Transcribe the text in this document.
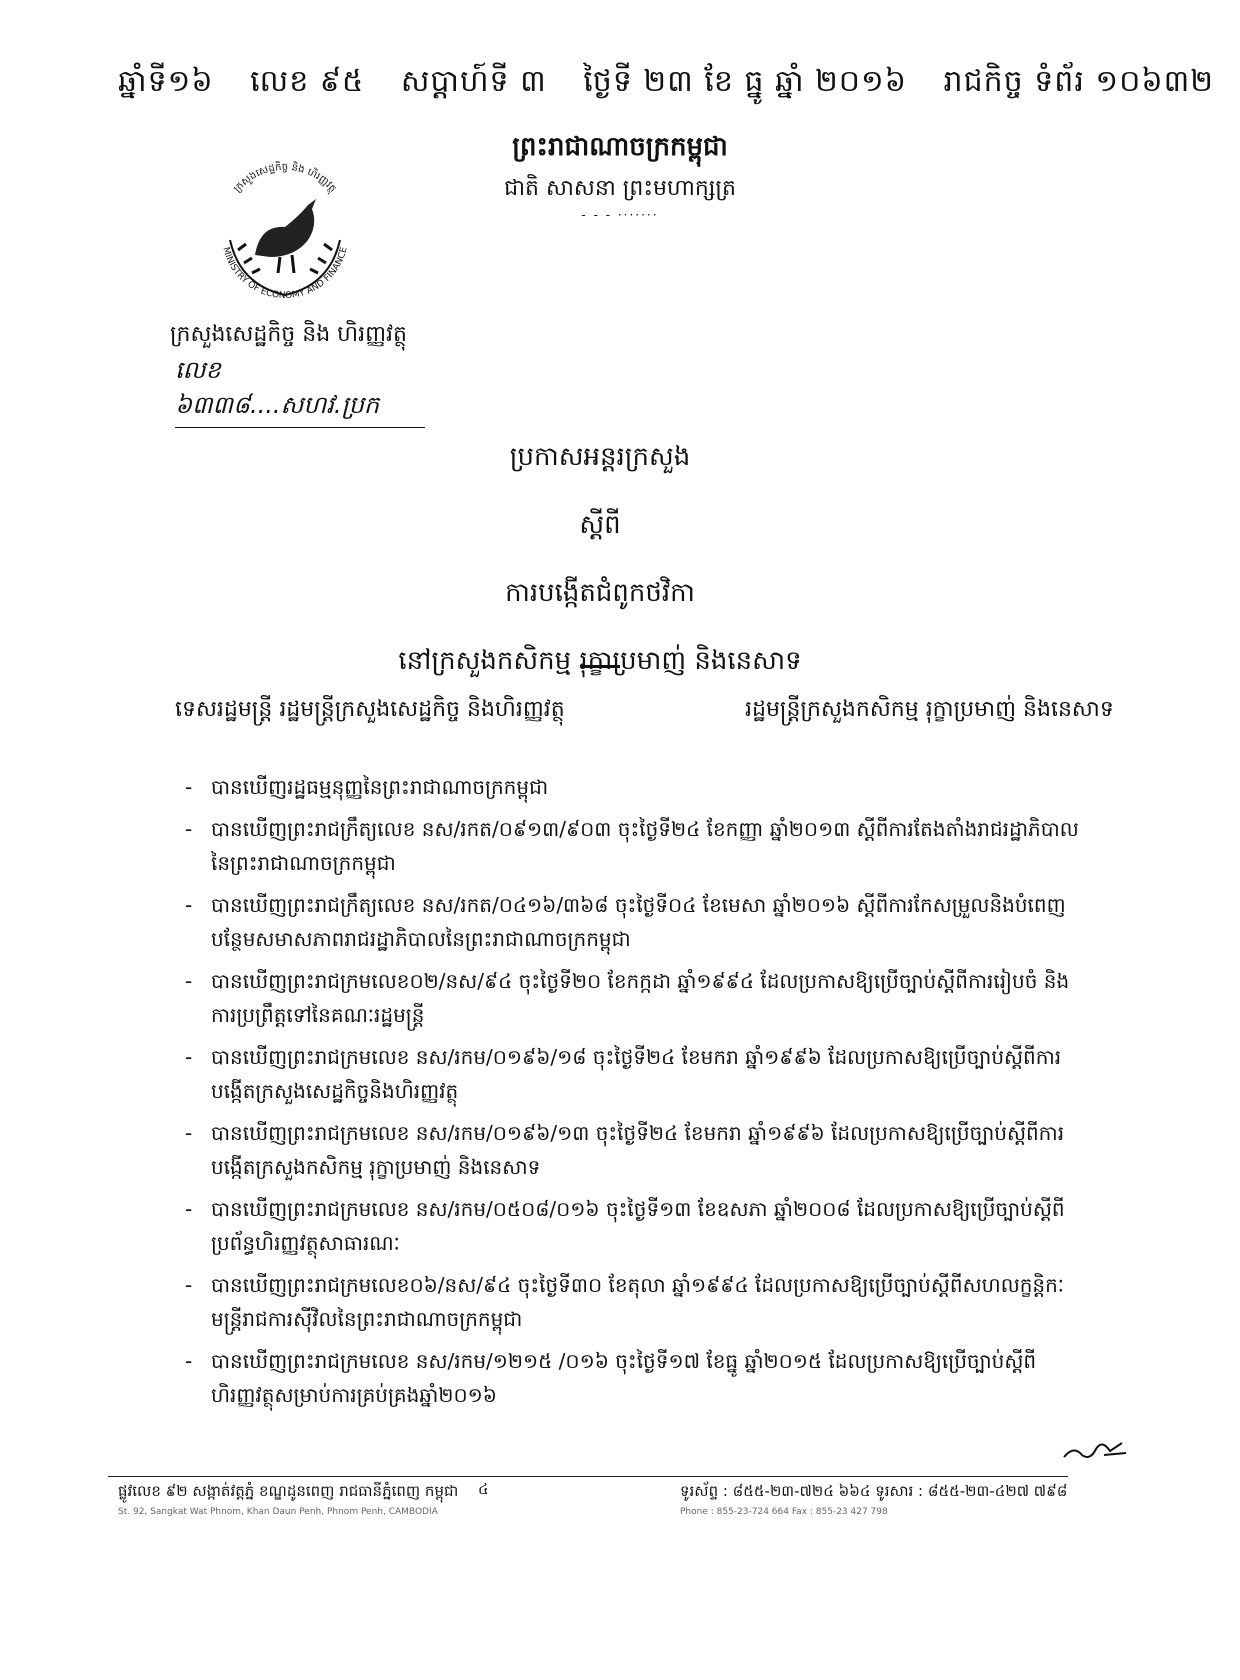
ឆ្នាំទី១៦ លេខ ៩៥ សប្តាហ៍ទី ៣ ថ្ងៃទី ២៣ ខែ ធ្នូ ឆ្នាំ ២០១៦ រាជកិច្ច ទំព័រ ១០៦៣២
ព្រះរាជាណាចក្រកម្ពុជា
ជាតិ សាសនា ព្រះមហាក្សត្រ
- - - ·······
ក្រសួងសេដ្ឋកិច្ច និង ហិរញ្ញវត្ថុ
MINISTRY OF ECONOMY AND FINANCE
ក្រសួងសេដ្ឋកិច្ច និង ហិរញ្ញវត្ថុ
លេខ ៦៣៣៨....សហវ.ប្រក
ប្រកាសអន្តរក្រសួង
ស្តីពី
ការបង្កើតជំពូកថវិកា
នៅក្រសួងកសិកម្ម រុក្ខាប្រមាញ់ និងនេសាទ
ទេសរដ្ឋមន្ត្រី រដ្ឋមន្ត្រីក្រសួងសេដ្ឋកិច្ច និងហិរញ្ញវត្ថុ	រដ្ឋមន្ត្រីក្រសួងកសិកម្ម រុក្ខាប្រមាញ់ និងនេសាទ
- បានឃើញរដ្ឋធម្មនុញ្ញនៃព្រះរាជាណាចក្រកម្ពុជា
- បានឃើញព្រះរាជក្រឹត្យលេខ នស/រកត/០៩១៣/៩០៣ ចុះថ្ងៃទី២៤ ខែកញ្ញា ឆ្នាំ២០១៣ ស្តីពីការតែងតាំងរាជរដ្ឋាភិបាល នៃព្រះរាជាណាចក្រកម្ពុជា
- បានឃើញព្រះរាជក្រឹត្យលេខ នស/រកត/០៤១៦/៣៦៨ ចុះថ្ងៃទី០៤ ខែមេសា ឆ្នាំ២០១៦ ស្តីពីការកែសម្រួលនិងបំពេញ បន្ថែមសមាសភាពរាជរដ្ឋាភិបាលនៃព្រះរាជាណាចក្រកម្ពុជា
- បានឃើញព្រះរាជក្រមលេខ០២/នស/៩៤ ចុះថ្ងៃទី២០ ខែកក្កដា ឆ្នាំ១៩៩៤ ដែលប្រកាសឱ្យប្រើច្បាប់ស្តីពីការរៀបចំ និងការប្រព្រឹត្តទៅនៃគណៈរដ្ឋមន្ត្រី
- បានឃើញព្រះរាជក្រមលេខ នស/រកម/០១៩៦/១៨ ចុះថ្ងៃទី២៤ ខែមករា ឆ្នាំ១៩៩៦ ដែលប្រកាសឱ្យប្រើច្បាប់ស្តីពីការ បង្កើតក្រសួងសេដ្ឋកិច្ចនិងហិរញ្ញវត្ថុ
- បានឃើញព្រះរាជក្រមលេខ នស/រកម/០១៩៦/១៣ ចុះថ្ងៃទី២៤ ខែមករា ឆ្នាំ១៩៩៦ ដែលប្រកាសឱ្យប្រើច្បាប់ស្តីពីការ បង្កើតក្រសួងកសិកម្ម រុក្ខាប្រមាញ់ និងនេសាទ
- បានឃើញព្រះរាជក្រមលេខ នស/រកម/០៥០៨/០១៦ ចុះថ្ងៃទី១៣ ខែឧសភា ឆ្នាំ២០០៨ ដែលប្រកាសឱ្យប្រើច្បាប់ស្តីពី ប្រព័ន្ធហិរញ្ញវត្ថុសាធារណៈ
- បានឃើញព្រះរាជក្រមលេខ០៦/នស/៩៤ ចុះថ្ងៃទី៣០ ខែតុលា ឆ្នាំ១៩៩៤ ដែលប្រកាសឱ្យប្រើច្បាប់ស្តីពីសហលក្ខន្តិកៈ មន្ត្រីរាជការស៊ីវិលនៃព្រះរាជាណាចក្រកម្ពុជា
- បានឃើញព្រះរាជក្រមលេខ នស/រកម/១២១៥ /០១៦ ចុះថ្ងៃទី១៧ ខែធ្នូ ឆ្នាំ២០១៥ ដែលប្រកាសឱ្យប្រើច្បាប់ស្តីពី ហិរញ្ញវត្ថុសម្រាប់ការគ្រប់គ្រងឆ្នាំ២០១៦
ផ្លូវលេខ ៩២ សង្កាត់វត្តភ្នំ ខណ្ឌដូនពេញ រាជធានីភ្នំពេញ កម្ពុជា
St. 92, Sangkat Wat Phnom, Khan Daun Penh, Phnom Penh, CAMBODIA
៤	ទូរស័ព្ទ : ៨៥៥-២៣-៧២៤ ៦៦៤ ទូរសារ : ៨៥៥-២៣-៤២៧ ៧៩៨
Phone : 855-23-724 664 Fax : 855-23 427 798
